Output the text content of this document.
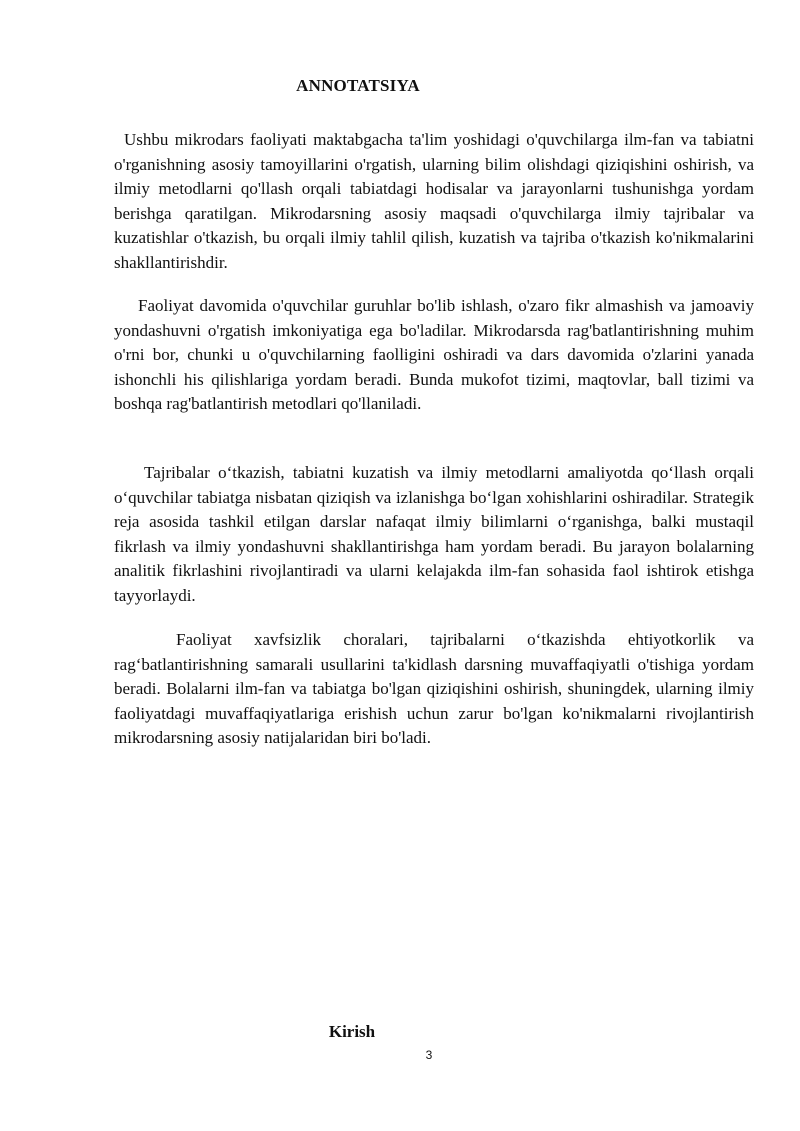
ANNOTATSIYA

Ushbu mikrodars faoliyati maktabgacha ta'lim yoshidagi o'quvchilarga ilm-fan va tabiatni o'rganishning asosiy tamoyillarini o'rgatish, ularning bilim olishdagi qiziqishini oshirish, va ilmiy metodlarni qo'llash orqali tabiatdagi hodisalar va jarayonlarni tushunishga yordam berishga qaratilgan. Mikrodarsning asosiy maqsadi o'quvchilarga ilmiy tajribalar va kuzatishlar o'tkazish, bu orqali ilmiy tahlil qilish, kuzatish va tajriba o'tkazish ko'nikmalarini shakllantirishdir.

Faoliyat davomida o'quvchilar guruhlar bo'lib ishlash, o'zaro fikr almashish va jamoaviy yondashuvni o'rgatish imkoniyatiga ega bo'ladilar. Mikrodarsda rag'batlantirishning muhim o'rni bor, chunki u o'quvchilarning faolligini oshiradi va dars davomida o'zlarini yanada ishonchli his qilishlariga yordam beradi. Bunda mukofot tizimi, maqtovlar, ball tizimi va boshqa rag'batlantirish metodlari qo'llaniladi.

Tajribalar o‘tkazish, tabiatni kuzatish va ilmiy metodlarni amaliyotda qo‘llash orqali o‘quvchilar tabiatga nisbatan qiziqish va izlanishga bo‘lgan xohishlarini oshiradilar. Strategik reja asosida tashkil etilgan darslar nafaqat ilmiy bilimlarni o‘rganishga, balki mustaqil fikrlash va ilmiy yondashuvni shakllantirishga ham yordam beradi. Bu jarayon bolalarning analitik fikrlashini rivojlantiradi va ularni kelajakda ilm-fan sohasida faol ishtirok etishga tayyorlaydi.

Faoliyat xavfsizlik choralari, tajribalarni o‘tkazishda ehtiyotkorlik va rag‘batlantirishning samarali usullarini ta'kidlash darsning muvaffaqiyatli o'tishiga yordam beradi. Bolalarni ilm-fan va tabiatga bo'lgan qiziqishini oshirish, shuningdek, ularning ilmiy faoliyatdagi muvaffaqiyatlariga erishish uchun zarur bo'lgan ko'nikmalarni rivojlantirish mikrodarsning asosiy natijalaridan biri bo'ladi.

Kirish
3
